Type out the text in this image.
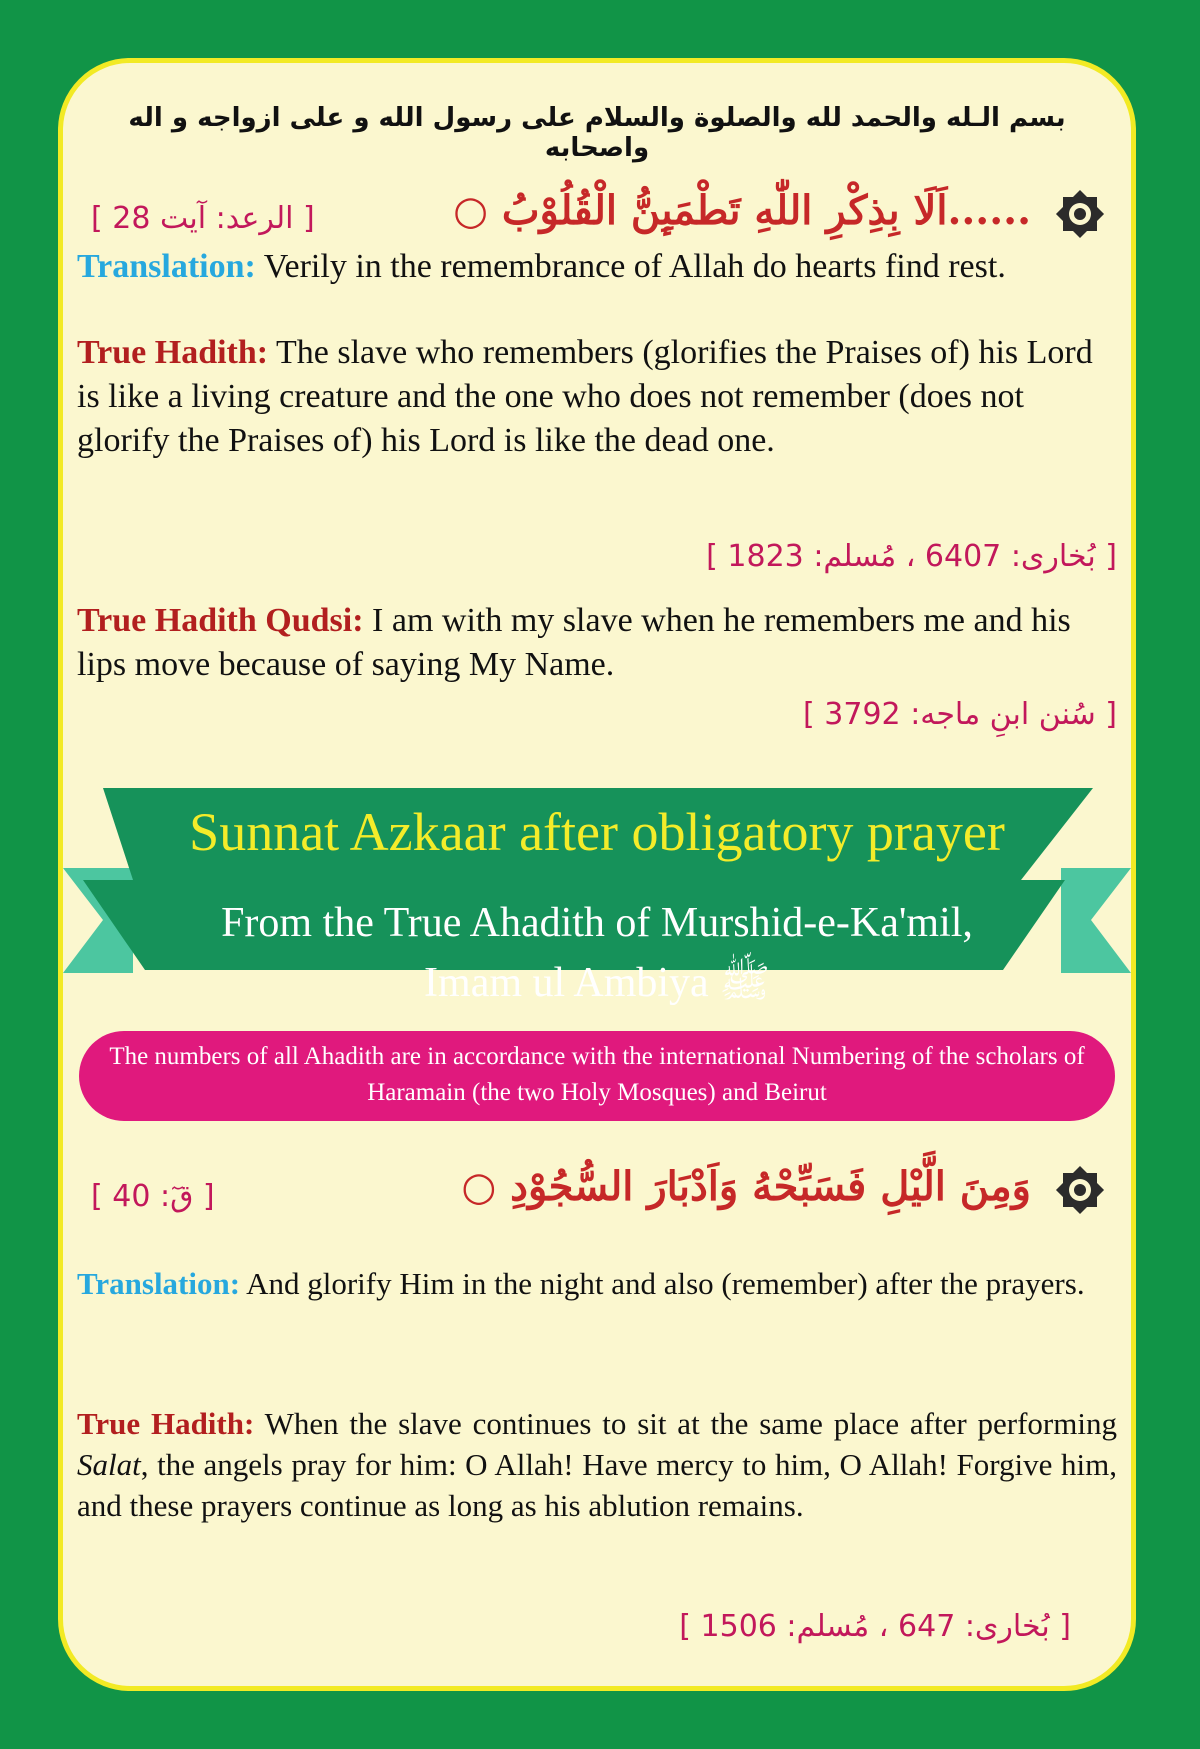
بسم الـله والحمد لله والصلوة والسلام على رسول الله و على ازواجه و اله واصحابه
[ الرعد: آیت 28 ]	......اَلَا بِذِكْرِ اللّٰهِ تَطْمَىِٕنُّ الْقُلُوْبُ ○
Translation: Verily in the remembrance of Allah do hearts find rest.
True Hadith: The slave who remembers (glorifies the Praises of) his Lord is like a living creature and the one who does not remember (does not glorify the Praises of) his Lord is like the dead one.
[ بُخاری: 6407 ، مُسلم: 1823 ]
True Hadith Qudsi: I am with my slave when he remembers me and his lips move because of saying My Name.
[ سُنن ابنِ ماجه: 3792 ]
Sunnat Azkaar after obligatory prayer
From the True Ahadith of Murshid-e-Ka'mil, Imam ul Ambiya ﷺ
The numbers of all Ahadith are in accordance with the international Numbering of the scholars of Haramain (the two Holy Mosques) and Beirut
[ قٓ: 40 ]	وَمِنَ الَّيْلِ فَسَبِّحْهُ وَاَدْبَارَ السُّجُوْدِ ○
Translation: And glorify Him in the night and also (remember) after the prayers.
True Hadith: When the slave continues to sit at the same place after performing Salat, the angels pray for him: O Allah! Have mercy to him, O Allah! Forgive him, and these prayers continue as long as his ablution remains.
[ بُخاری: 647 ، مُسلم: 1506 ]
